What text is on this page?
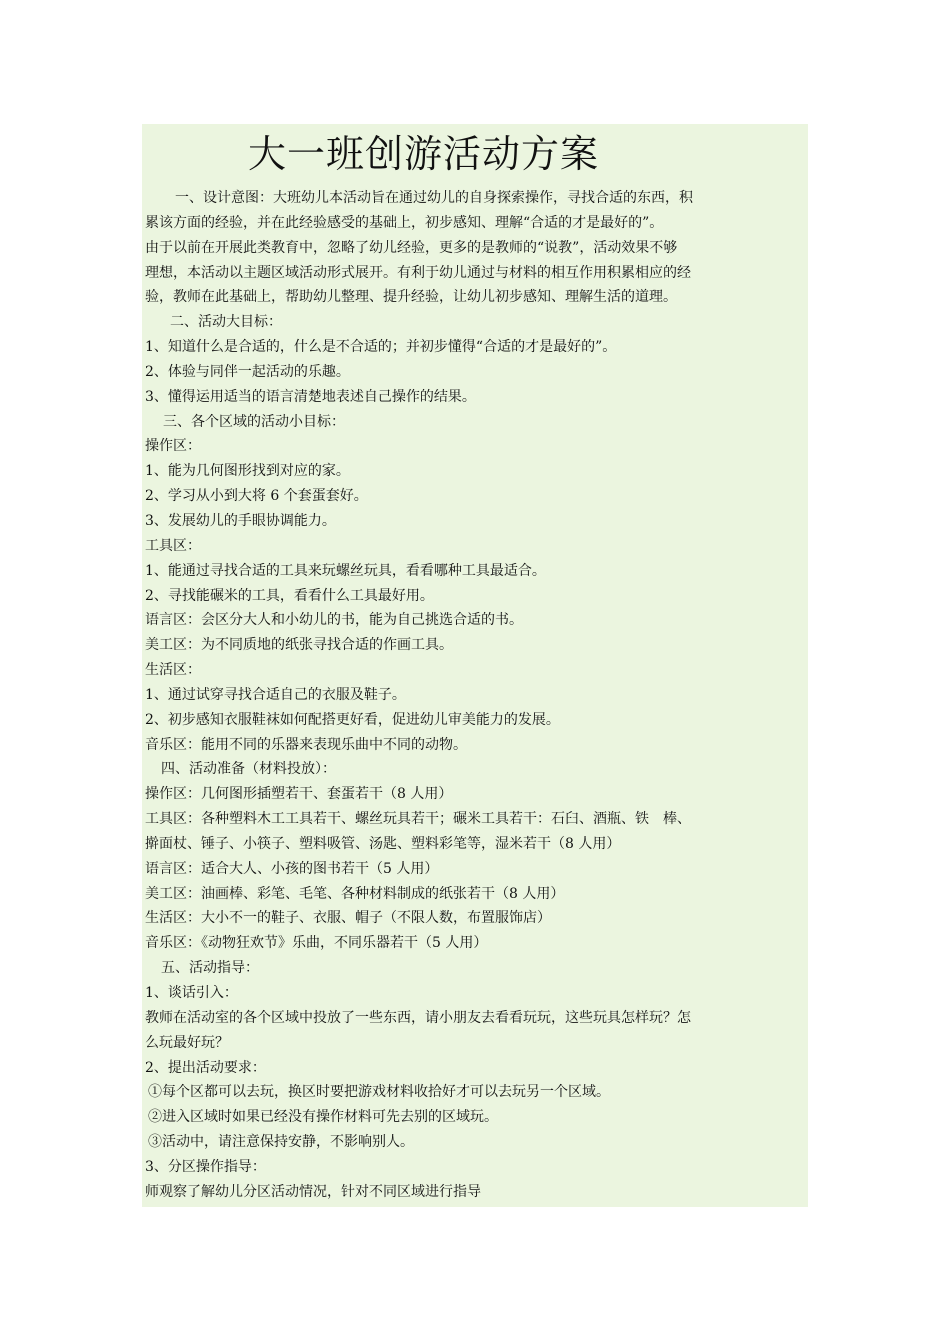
大一班创游活动方案
一、设计意图：大班幼儿本活动旨在通过幼儿的自身探索操作，寻找合适的东西，积
累该方面的经验，并在此经验感受的基础上，初步感知、理解“合适的才是最好的”。
由于以前在开展此类教育中，忽略了幼儿经验，更多的是教师的“说教”，活动效果不够
理想，本活动以主题区域活动形式展开。有利于幼儿通过与材料的相互作用积累相应的经
验，教师在此基础上，帮助幼儿整理、提升经验，让幼儿初步感知、理解生活的道理。
二、活动大目标：
1、知道什么是合适的，什么是不合适的；并初步懂得“合适的才是最好的”。
2、体验与同伴一起活动的乐趣。
3、懂得运用适当的语言清楚地表述自己操作的结果。
三、各个区域的活动小目标：
操作区：
1、能为几何图形找到对应的家。
2、学习从小到大将 6 个套蛋套好。
3、发展幼儿的手眼协调能力。
工具区：
1、能通过寻找合适的工具来玩螺丝玩具，看看哪种工具最适合。
2、寻找能碾米的工具，看看什么工具最好用。
语言区：会区分大人和小幼儿的书，能为自己挑选合适的书。
美工区：为不同质地的纸张寻找合适的作画工具。
生活区：
1、通过试穿寻找合适自己的衣服及鞋子。
2、初步感知衣服鞋袜如何配搭更好看，促进幼儿审美能力的发展。
音乐区：能用不同的乐器来表现乐曲中不同的动物。
四、活动准备（材料投放）：
操作区：几何图形插塑若干、套蛋若干（8 人用）
工具区：各种塑料木工工具若干、螺丝玩具若干；碾米工具若干：石臼、酒瓶、铁　棒、
擀面杖、锤子、小筷子、塑料吸管、汤匙、塑料彩笔等，湿米若干（8 人用）
语言区：适合大人、小孩的图书若干（5 人用）
美工区：油画棒、彩笔、毛笔、各种材料制成的纸张若干（8 人用）
生活区：大小不一的鞋子、衣服、帽子（不限人数，布置服饰店）
音乐区：《动物狂欢节》乐曲，不同乐器若干（5 人用）
五、活动指导：
1、谈话引入：
教师在活动室的各个区域中投放了一些东西，请小朋友去看看玩玩，这些玩具怎样玩？怎
么玩最好玩？
2、提出活动要求：
①每个区都可以去玩，换区时要把游戏材料收拾好才可以去玩另一个区域。
②进入区域时如果已经没有操作材料可先去别的区域玩。
③活动中，请注意保持安静，不影响别人。
3、分区操作指导：
师观察了解幼儿分区活动情况，针对不同区域进行指导
